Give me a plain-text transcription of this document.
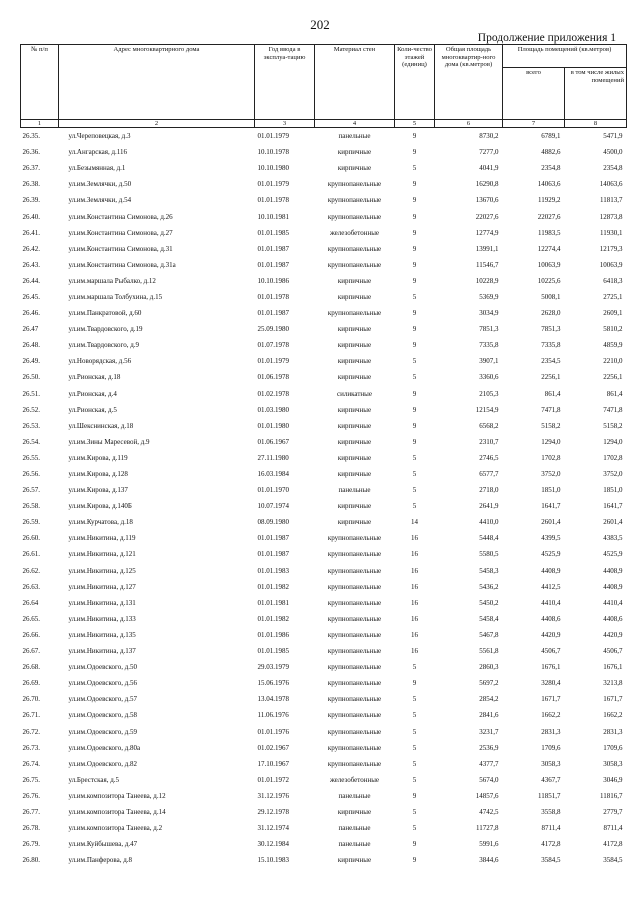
202
Продолжение приложения 1
№ п/п	Адрес многоквартирного дома	Год ввода в эксплуа-тацию	Материал стен	Коли-чество этажей (единиц)	Общая площадь многоквартир-ного дома (кв.метров)	Площадь помещений (кв.метров)	
						всего	в том числе жилых помещений
1	2	3	4	5	6	7	8
26.35.	ул.Череповецкая, д.3	01.01.1979	панельные	9	8730,2	6789,1	5471,9
26.36.	ул.Ангарская, д.116	10.10.1978	кирпичные	9	7277,0	4882,6	4500,0
26.37.	ул.Безымянная, д.1	10.10.1980	кирпичные	5	4041,9	2354,8	2354,8
26.38.	ул.им.Землячки, д.50	01.01.1979	крупнопанельные	9	16290,8	14063,6	14063,6
26.39.	ул.им.Землячки, д.54	01.01.1978	крупнопанельные	9	13670,6	11929,2	11813,7
26.40.	ул.им.Константина Симонова, д.26	10.10.1981	крупнопанельные	9	22027,6	22027,6	12873,8
26.41.	ул.им.Константина Симонова, д.27	01.01.1985	железобетонные	9	12774,9	11983,5	11930,1
26.42.	ул.им.Константина Симонова, д.31	01.01.1987	крупнопанельные	9	13991,1	12274,4	12179,3
26.43.	ул.им.Константина Симонова, д.31а	01.01.1987	крупнопанельные	9	11546,7	10063,9	10063,9
26.44.	ул.им.маршала Рыбалко, д.12	10.10.1986	кирпичные	9	10228,9	10225,6	6418,3
26.45.	ул.им.маршала Толбухина, д.15	01.01.1978	кирпичные	5	5369,9	5008,1	2725,1
26.46.	ул.им.Панкратовой, д.60	01.01.1987	крупнопанельные	9	3034,9	2628,0	2609,1
26.47	ул.им.Твардовского, д.19	25.09.1980	кирпичные	9	7851,3	7851,3	5810,2
26.48.	ул.им.Твардовского, д.9	01.07.1978	кирпичные	9	7335,8	7335,8	4859,9
26.49.	ул.Новорядская, д.56	01.01.1979	кирпичные	5	3907,1	2354,5	2210,0
26.50.	ул.Рионская, д.18	01.06.1978	кирпичные	5	3360,6	2256,1	2256,1
26.51.	ул.Рионская, д.4	01.02.1978	силикатные	9	2105,3	861,4	861,4
26.52.	ул.Рионская, д.5	01.03.1980	кирпичные	9	12154,9	7471,8	7471,8
26.53.	ул.Шекснинская, д.18	01.01.1980	кирпичные	9	6568,2	5158,2	5158,2
26.54.	ул.им.Зины Маресевой, д.9	01.06.1967	кирпичные	9	2310,7	1294,0	1294,0
26.55.	ул.им.Кирова, д.119	27.11.1980	кирпичные	5	2746,5	1702,8	1702,8
26.56.	ул.им.Кирова, д.128	16.03.1984	кирпичные	5	6577,7	3752,0	3752,0
26.57.	ул.им.Кирова, д.137	01.01.1970	панельные	5	2718,0	1851,0	1851,0
26.58.	ул.им.Кирова, д.140Б	10.07.1974	кирпичные	5	2641,9	1641,7	1641,7
26.59.	ул.им.Курчатова, д.18	08.09.1980	кирпичные	14	4410,0	2601,4	2601,4
26.60.	ул.им.Никитина, д.119	01.01.1987	крупнопанельные	16	5448,4	4399,5	4383,5
26.61.	ул.им.Никитина, д.121	01.01.1987	крупнопанельные	16	5580,5	4525,9	4525,9
26.62.	ул.им.Никитина, д.125	01.01.1983	крупнопанельные	16	5458,3	4408,9	4408,9
26.63.	ул.им.Никитина, д.127	01.01.1982	крупнопанельные	16	5436,2	4412,5	4408,9
26.64	ул.им.Никитина, д.131	01.01.1981	крупнопанельные	16	5450,2	4410,4	4410,4
26.65.	ул.им.Никитина, д.133	01.01.1982	крупнопанельные	16	5458,4	4408,6	4408,6
26.66.	ул.им.Никитина, д.135	01.01.1986	крупнопанельные	16	5467,8	4420,9	4420,9
26.67.	ул.им.Никитина, д.137	01.01.1985	крупнопанельные	16	5561,8	4506,7	4506,7
26.68.	ул.им.Одоевского, д.50	29.03.1979	крупнопанельные	5	2860,3	1676,1	1676,1
26.69.	ул.им.Одоевского, д.56	15.06.1976	крупнопанельные	9	5697,2	3280,4	3213,8
26.70.	ул.им.Одоевского, д.57	13.04.1978	крупнопанельные	5	2854,2	1671,7	1671,7
26.71.	ул.им.Одоевского, д.58	11.06.1976	крупнопанельные	5	2841,6	1662,2	1662,2
26.72.	ул.им.Одоевского, д.59	01.01.1976	крупнопанельные	5	3231,7	2831,3	2831,3
26.73.	ул.им.Одоевского, д.80а	01.02.1967	крупнопанельные	5	2536,9	1709,6	1709,6
26.74.	ул.им.Одоевского, д.82	17.10.1967	крупнопанельные	5	4377,7	3058,3	3058,3
26.75.	ул.Брестская, д.5	01.01.1972	железобетонные	5	5674,0	4367,7	3046,9
26.76.	ул.им.композитора Танеева, д.12	31.12.1976	панельные	9	14857,6	11851,7	11816,7
26.77.	ул.им.композитора Танеева, д.14	29.12.1978	кирпичные	5	4742,5	3558,8	2779,7
26.78.	ул.им.композитора Танеева, д.2	31.12.1974	панельные	5	11727,8	8711,4	8711,4
26.79.	ул.им.Куйбышева, д.47	30.12.1984	панельные	9	5991,6	4172,8	4172,8
26.80.	ул.им.Панферова, д.8	15.10.1983	кирпичные	9	3844,6	3584,5	3584,5
